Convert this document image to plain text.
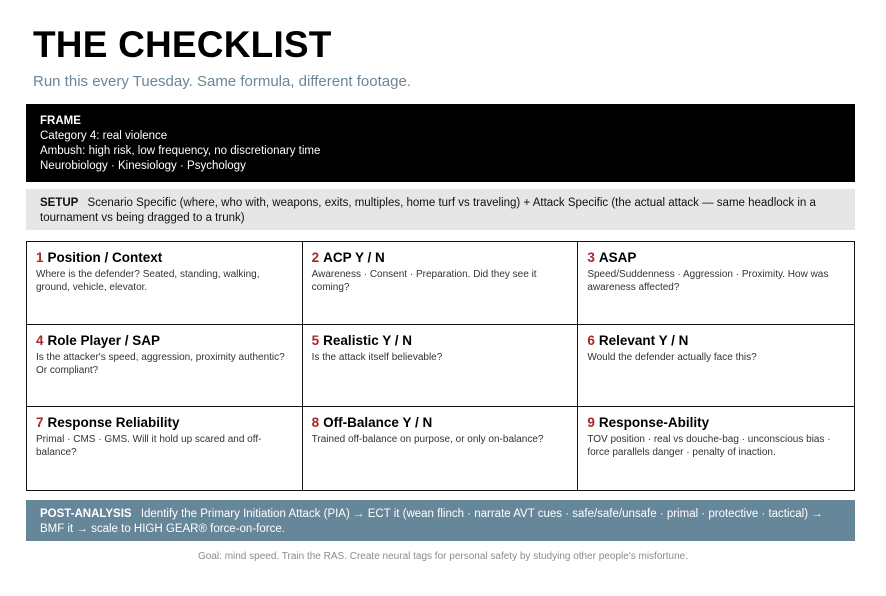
THE CHECKLIST
Run this every Tuesday. Same formula, different footage.
FRAME
Category 4: real violence
Ambush: high risk, low frequency, no discretionary time
Neurobiology · Kinesiology · Psychology
SETUP Scenario Specific (where, who with, weapons, exits, multiples, home turf vs traveling) + Attack Specific (the actual attack — same headlock in a tournament vs being dragged to a trunk)
1 Position / Context
Where is the defender? Seated, standing, walking, ground, vehicle, elevator.
2 ACP Y / N
Awareness · Consent · Preparation. Did they see it coming?
3 ASAP
Speed/Suddenness · Aggression · Proximity. How was awareness affected?
4 Role Player / SAP
Is the attacker's speed, aggression, proximity authentic? Or compliant?
5 Realistic Y / N
Is the attack itself believable?
6 Relevant Y / N
Would the defender actually face this?
7 Response Reliability
Primal · CMS · GMS. Will it hold up scared and off-balance?
8 Off-Balance Y / N
Trained off-balance on purpose, or only on-balance?
9 Response-Ability
TOV position · real vs douche-bag · unconscious bias · force parallels danger · penalty of inaction.
POST-ANALYSIS Identify the Primary Initiation Attack (PIA) → ECT it (wean flinch · narrate AVT cues · safe/safe/unsafe · primal · protective · tactical) → BMF it → scale to HIGH GEAR® force-on-force.
Goal: mind speed. Train the RAS. Create neural tags for personal safety by studying other people's misfortune.
